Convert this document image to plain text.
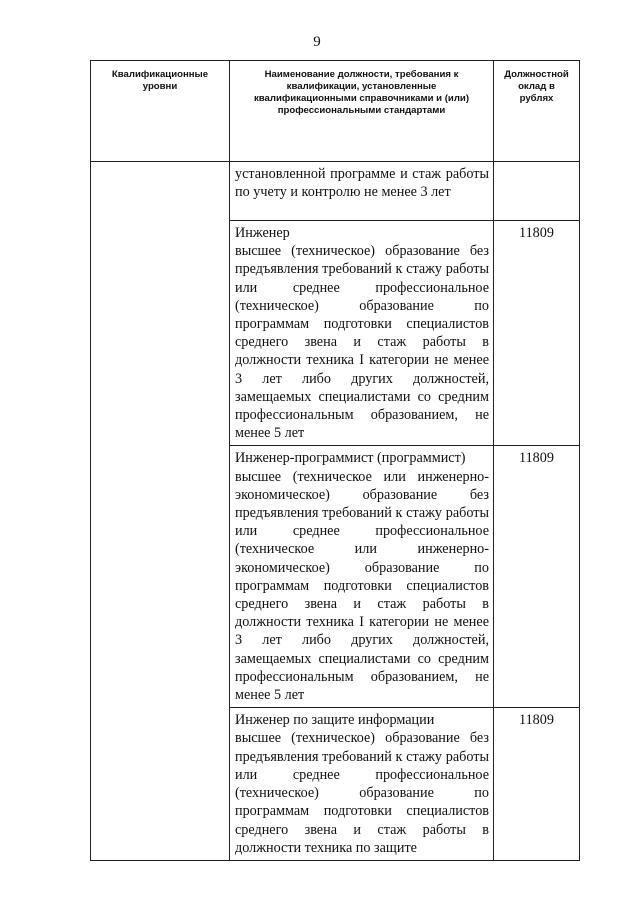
9
Квалификационные уровни	Наименование должности, требования к квалификации, установленные квалификационными справочниками и (или) профессиональными стандартами	Должностной оклад в рублях

	установленной программе и стаж работы по учету и контролю не менее 3 лет	

	Инженер
высшее (техническое) образование без предъявления требований к стажу работы или среднее профессиональное (техническое) образование по программам подготовки специалистов среднего звена и стаж работы в должности техника I категории не менее 3 лет либо других должностей, замещаемых специалистами со средним профессиональным образованием, не менее 5 лет	11809

	Инженер-программист (программист)
высшее (техническое или инженерно-экономическое) образование без предъявления требований к стажу работы или среднее профессиональное (техническое или инженерно-экономическое) образование по программам подготовки специалистов среднего звена и стаж работы в должности техника I категории не менее 3 лет либо других должностей, замещаемых специалистами со средним профессиональным образованием, не менее 5 лет	11809

	Инженер по защите информации
высшее (техническое) образование без предъявления требований к стажу работы или среднее профессиональное (техническое) образование по программам подготовки специалистов среднего звена и стаж работы в должности техника по защите	11809
